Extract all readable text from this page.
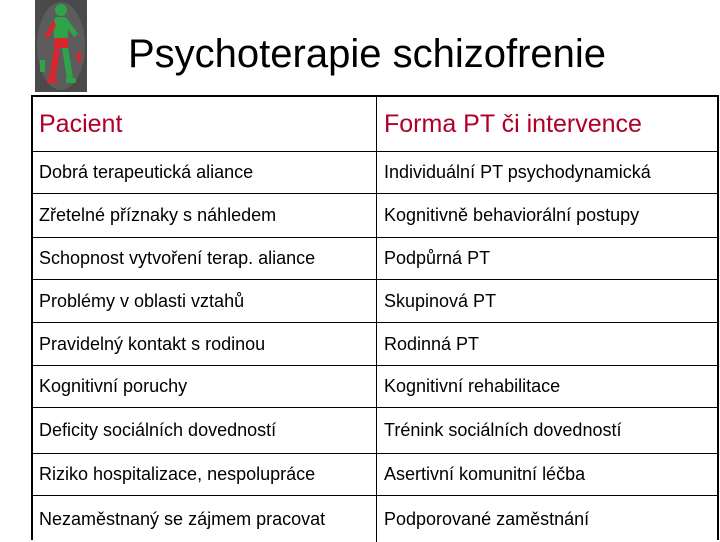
Psychoterapie schizofrenie
Pacient	Forma PT či intervence
Dobrá terapeutická aliance	Individuální PT psychodynamická
Zřetelné příznaky s náhledem	Kognitivně behaviorální postupy
Schopnost vytvoření terap. aliance	Podpůrná PT
Problémy v oblasti vztahů	Skupinová PT
Pravidelný kontakt s rodinou	Rodinná PT
Kognitivní poruchy	Kognitivní rehabilitace
Deficity sociálních dovedností	Trénink sociálních dovedností
Riziko hospitalizace, nespolupráce	Asertivní komunitní léčba
Nezaměstnaný se zájmem pracovat	Podporované zaměstnání
